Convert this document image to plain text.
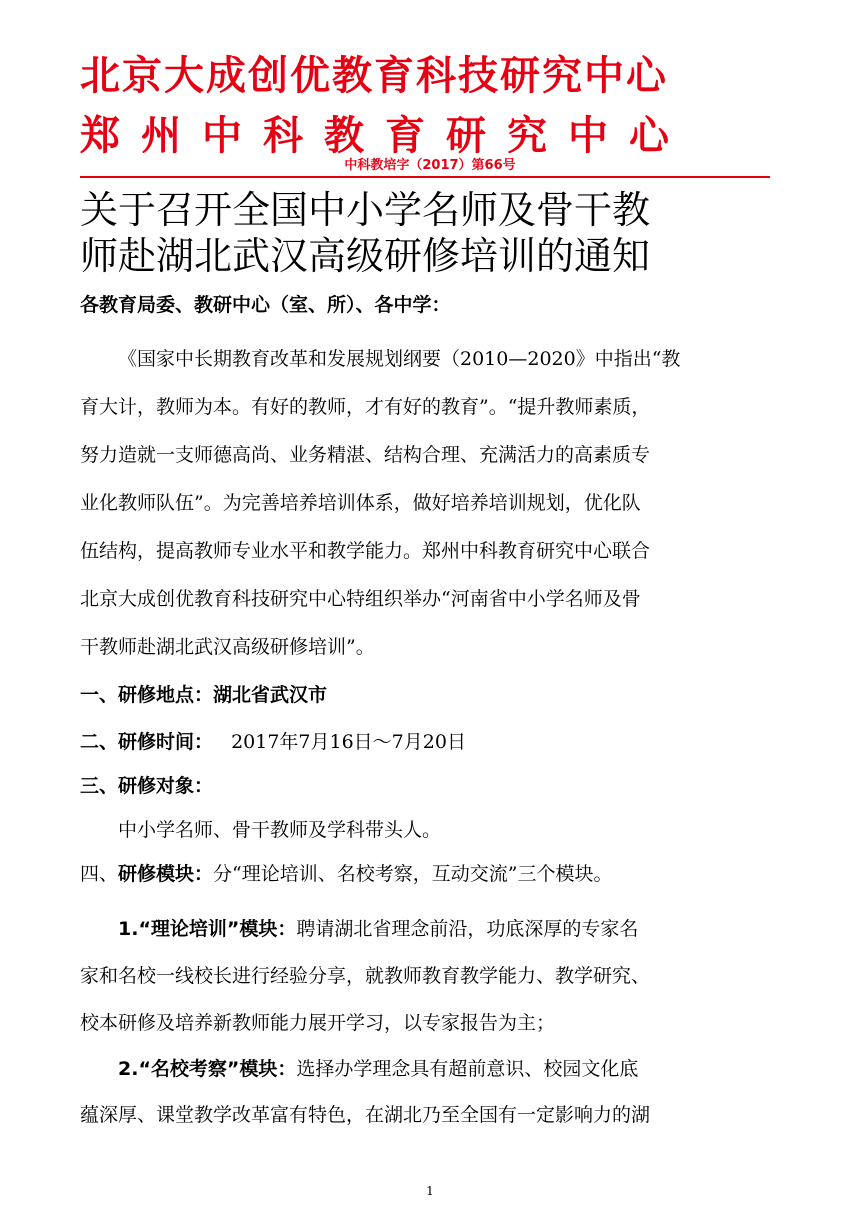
北京大成创优教育科技研究中心
郑州中科教育研究中心
中科教培字（2017）第66号
关于召开全国中小学名师及骨干教
师赴湖北武汉高级研修培训的通知
各教育局委、教研中心（室、所）、各中学：
《国家中长期教育改革和发展规划纲要（2010—2020》中指出“教
育大计，教师为本。有好的教师，才有好的教育”。“提升教师素质，
努力造就一支师德高尚、业务精湛、结构合理、充满活力的高素质专
业化教师队伍”。为完善培养培训体系，做好培养培训规划，优化队
伍结构，提高教师专业水平和教学能力。郑州中科教育研究中心联合
北京大成创优教育科技研究中心特组织举办“河南省中小学名师及骨
干教师赴湖北武汉高级研修培训”。
一、研修地点：湖北省武汉市
二、研修时间： 2017年7月16日～7月20日
三、研修对象：
中小学名师、骨干教师及学科带头人。
四、研修模块：分“理论培训、名校考察，互动交流”三个模块。
1.“理论培训”模块：聘请湖北省理念前沿，功底深厚的专家名
家和名校一线校长进行经验分享，就教师教育教学能力、教学研究、
校本研修及培养新教师能力展开学习，以专家报告为主；
2.“名校考察”模块：选择办学理念具有超前意识、校园文化底
蕴深厚、课堂教学改革富有特色，在湖北乃至全国有一定影响力的湖
1
